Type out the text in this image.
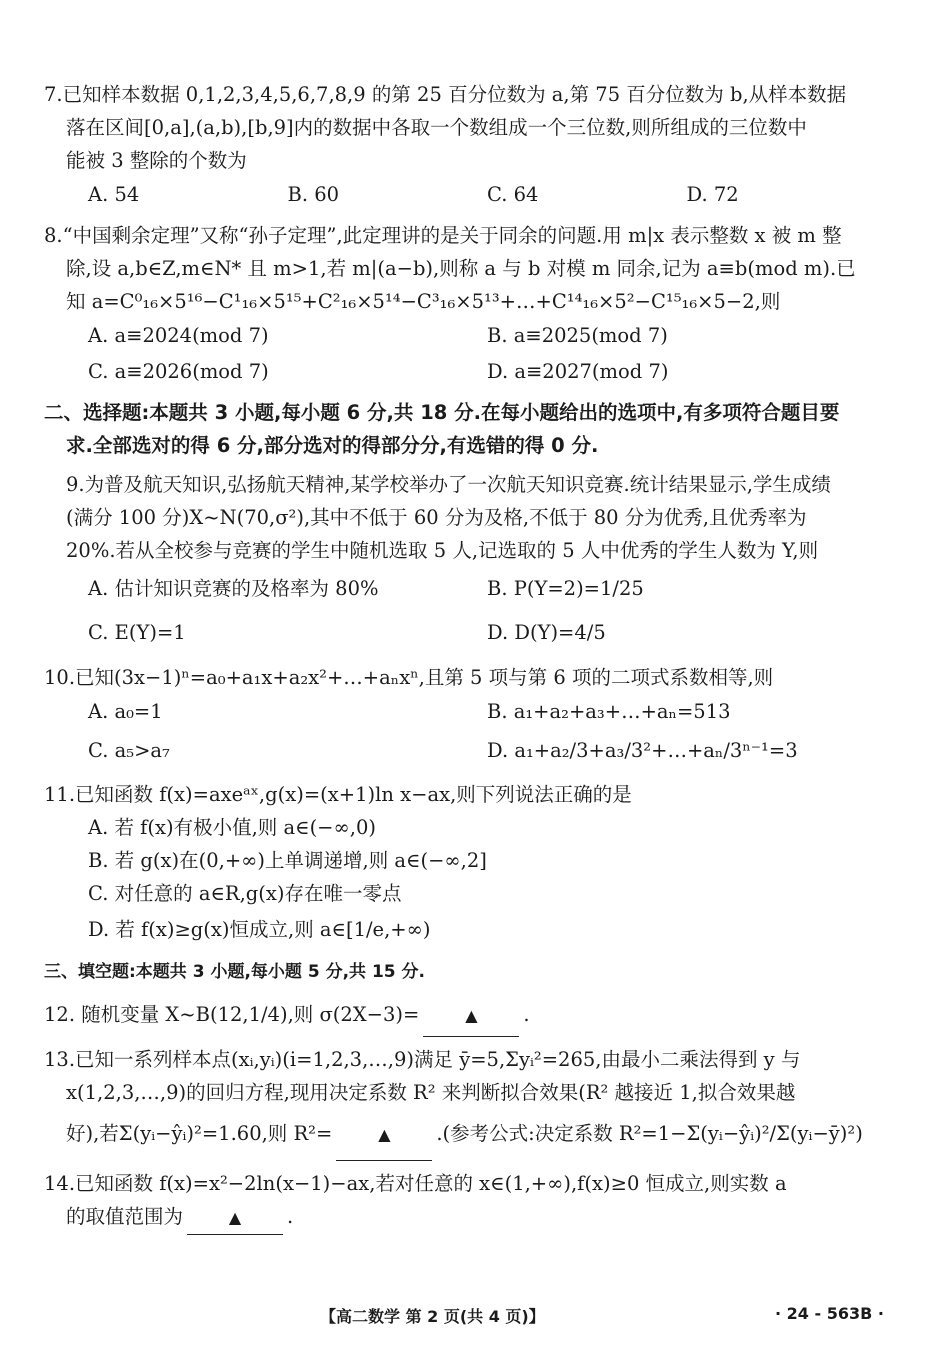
7.已知样本数据 0,1,2,3,4,5,6,7,8,9 的第 25 百分位数为 a,第 75 百分位数为 b,从样本数据
落在区间[0,a],(a,b),[b,9]内的数据中各取一个数组成一个三位数,则所组成的三位数中
能被 3 整除的个数为
A. 54	B. 60	C. 64	D. 72
8.“中国剩余定理”又称“孙子定理”,此定理讲的是关于同余的问题.用 m|x 表示整数 x 被 m 整
除,设 a,b∈Z,m∈N* 且 m>1,若 m|(a−b),则称 a 与 b 对模 m 同余,记为 a≡b(mod m).已
知 a=C⁰₁₆×5¹⁶−C¹₁₆×5¹⁵+C²₁₆×5¹⁴−C³₁₆×5¹³+…+C¹⁴₁₆×5²−C¹⁵₁₆×5−2,则
A. a≡2024(mod 7)	B. a≡2025(mod 7)
C. a≡2026(mod 7)	D. a≡2027(mod 7)
二、选择题:本题共 3 小题,每小题 6 分,共 18 分.在每小题给出的选项中,有多项符合题目要
求.全部选对的得 6 分,部分选对的得部分分,有选错的得 0 分.
9.为普及航天知识,弘扬航天精神,某学校举办了一次航天知识竞赛.统计结果显示,学生成绩
(满分 100 分)X~N(70,σ²),其中不低于 60 分为及格,不低于 80 分为优秀,且优秀率为
20%.若从全校参与竞赛的学生中随机选取 5 人,记选取的 5 人中优秀的学生人数为 Y,则
A. 估计知识竞赛的及格率为 80%	B. P(Y=2)=1/25
C. E(Y)=1	D. D(Y)=4/5
10.已知(3x−1)ⁿ=a₀+a₁x+a₂x²+…+aₙxⁿ,且第 5 项与第 6 项的二项式系数相等,则
A. a₀=1	B. a₁+a₂+a₃+…+aₙ=513
C. a₅>a₇	D. a₁+a₂/3+a₃/3²+…+aₙ/3ⁿ⁻¹=3
11.已知函数 f(x)=axeᵃˣ,g(x)=(x+1)ln x−ax,则下列说法正确的是
A. 若 f(x)有极小值,则 a∈(−∞,0)
B. 若 g(x)在(0,+∞)上单调递增,则 a∈(−∞,2]
C. 对任意的 a∈R,g(x)存在唯一零点
D. 若 f(x)≥g(x)恒成立,则 a∈[1/e,+∞)
三、填空题:本题共 3 小题,每小题 5 分,共 15 分.
12. 随机变量 X~B(12,1/4),则 σ(2X−3)=	▲ .
13.已知一系列样本点(xᵢ,yᵢ)(i=1,2,3,…,9)满足 ȳ=5,Σyᵢ²=265,由最小二乘法得到 y 与
x(1,2,3,…,9)的回归方程,现用决定系数 R² 来判断拟合效果(R² 越接近 1,拟合效果越
好),若Σ(yᵢ−ŷᵢ)²=1.60,则 R²=	▲ .(参考公式:决定系数 R²=1−Σ(yᵢ−ŷᵢ)²/Σ(yᵢ−ȳ)²)
14.已知函数 f(x)=x²−2ln(x−1)−ax,若对任意的 x∈(1,+∞),f(x)≥0 恒成立,则实数 a
的取值范围为	▲ .
【高二数学 第 2 页(共 4 页)】	· 24 - 563B ·
